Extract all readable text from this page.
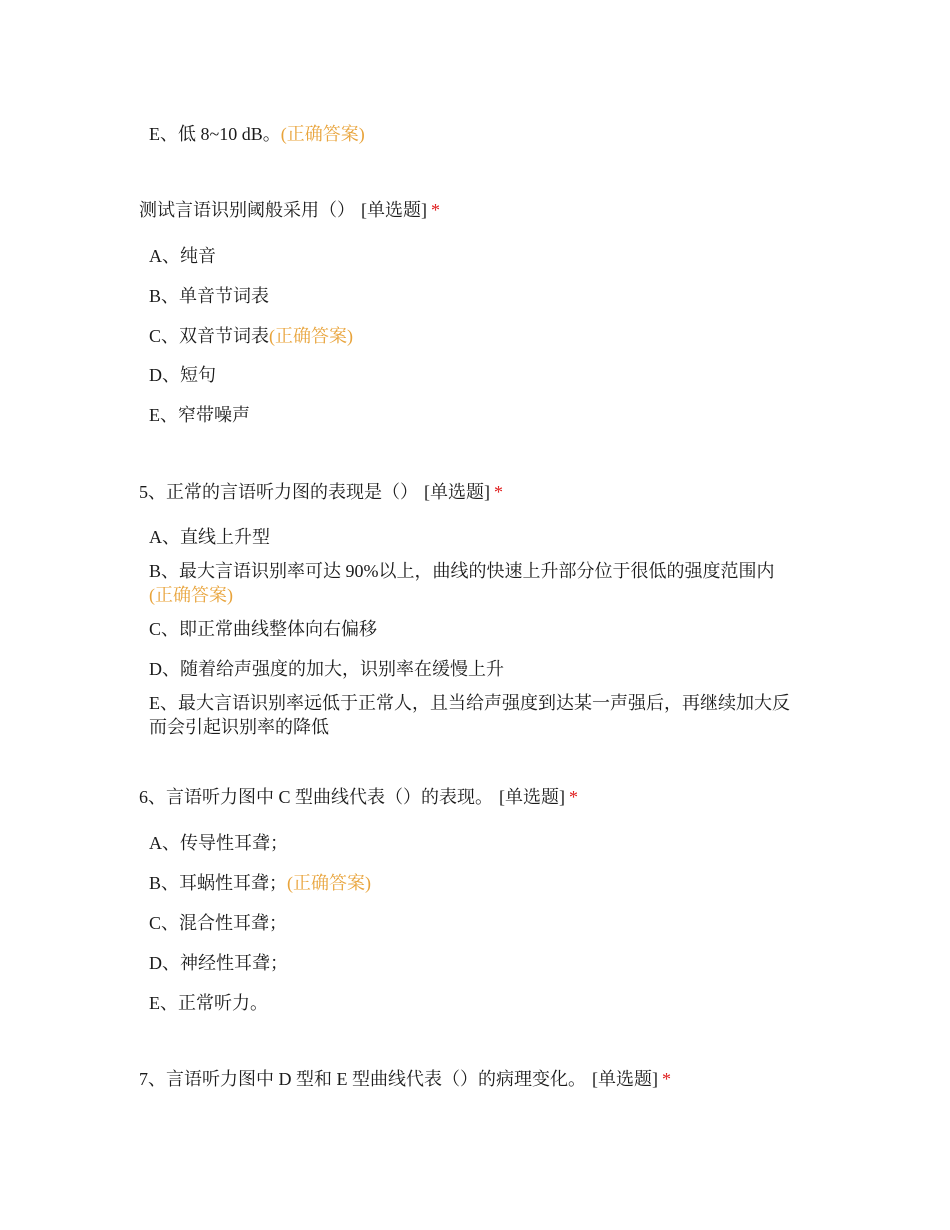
E、低 8~10 dB。(正确答案)
测试言语识别阈般采用（） [单选题] *
A、纯音
B、单音节词表
C、双音节词表(正确答案)
D、短句
E、窄带噪声
5、正常的言语听力图的表现是（） [单选题] *
A、直线上升型
B、最大言语识别率可达 90%以上，曲线的快速上升部分位于很低的强度范围内
(正确答案)
C、即正常曲线整体向右偏移
D、随着给声强度的加大，识别率在缓慢上升
E、最大言语识别率远低于正常人，且当给声强度到达某一声强后，再继续加大反而会引起识别率的降低
6、言语听力图中 C 型曲线代表（）的表现。 [单选题] *
A、传导性耳聋；
B、耳蜗性耳聋；(正确答案)
C、混合性耳聋；
D、神经性耳聋；
E、正常听力。
7、言语听力图中 D 型和 E 型曲线代表（）的病理变化。 [单选题] *
